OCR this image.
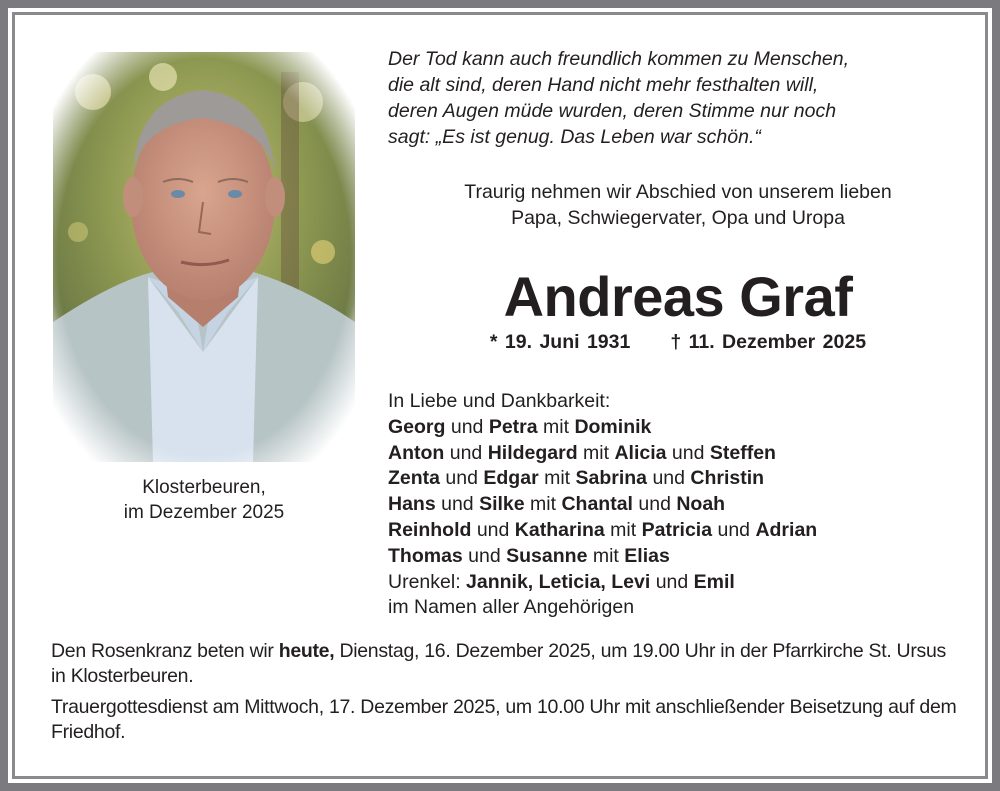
Klosterbeuren,
im Dezember 2025
Der Tod kann auch freundlich kommen zu Menschen,
die alt sind, deren Hand nicht mehr festhalten will,
deren Augen müde wurden, deren Stimme nur noch
sagt: „Es ist genug. Das Leben war schön.“
Traurig nehmen wir Abschied von unserem lieben
Papa, Schwiegervater, Opa und Uropa
Andreas Graf
* 19. Juni 1931 † 11. Dezember 2025
In Liebe und Dankbarkeit:
Georg und Petra mit Dominik
Anton und Hildegard mit Alicia und Steffen
Zenta und Edgar mit Sabrina und Christin
Hans und Silke mit Chantal und Noah
Reinhold und Katharina mit Patricia und Adrian
Thomas und Susanne mit Elias
Urenkel: Jannik, Leticia, Levi und Emil
im Namen aller Angehörigen

Den Rosenkranz beten wir heute, Dienstag, 16. Dezember 2025, um 19.00 Uhr in der Pfarrkirche St. Ursus in Klosterbeuren.

Trauergottesdienst am Mittwoch, 17. Dezember 2025, um 10.00 Uhr mit anschließender Beisetzung auf dem Friedhof.
